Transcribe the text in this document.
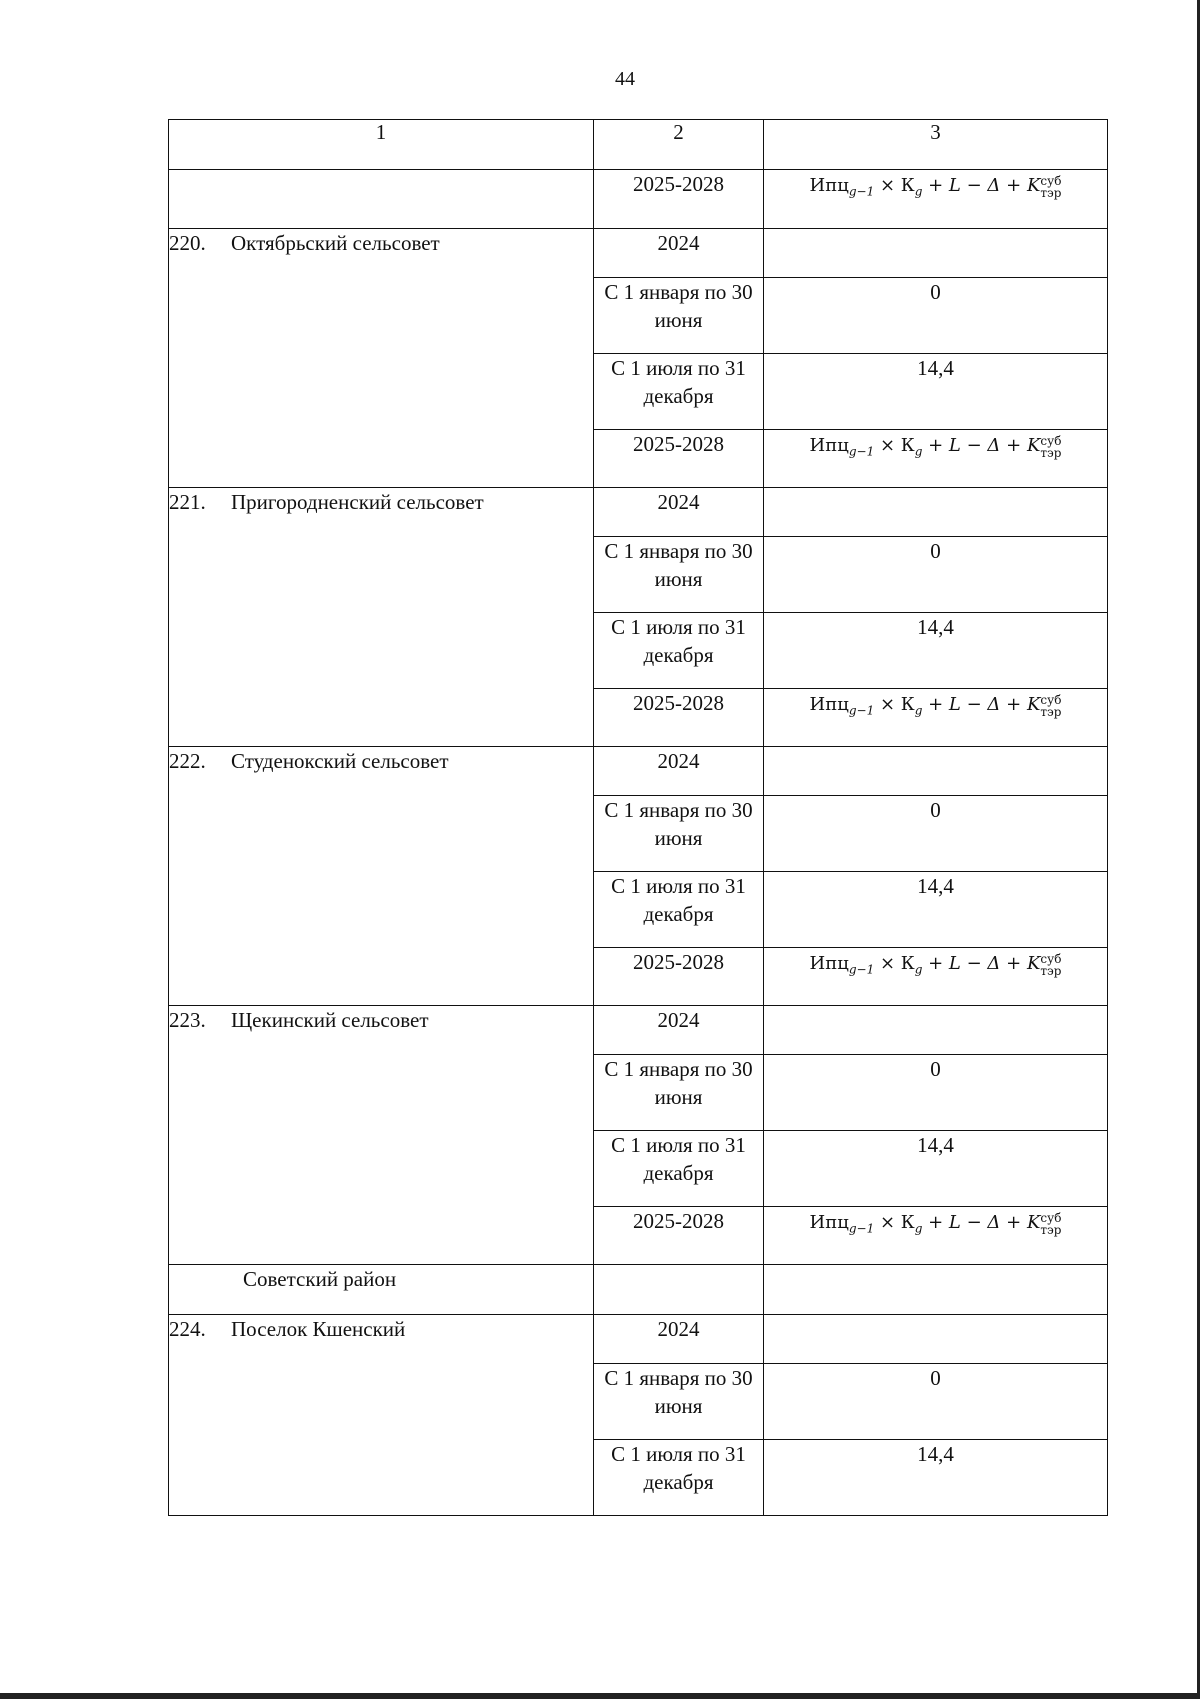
44
1	2	3
	2025-2028	$Ипц_{g-1} \times К_g + L - \Delta + K$ суб
тэр

220. Октябрьский сельсовет	2024	
	С 1 января по 30 июня	0
	С 1 июля по 31 декабря	14,4
	2025-2028	$Ипц_{g-1} \times К_g + L - \Delta + K$ суб
тэр

221. Пригородненский сельсовет	2024	
	С 1 января по 30 июня	0
	С 1 июля по 31 декабря	14,4
	2025-2028	$Ипц_{g-1} \times К_g + L - \Delta + K$ суб
тэр

222. Студенокский сельсовет	2024	
	С 1 января по 30 июня	0
	С 1 июля по 31 декабря	14,4
	2025-2028	$Ипц_{g-1} \times К_g + L - \Delta + K$ суб
тэр

223. Щекинский сельсовет	2024	
	С 1 января по 30 июня	0
	С 1 июля по 31 декабря	14,4
	2025-2028	$Ипц_{g-1} \times К_g + L - \Delta + K$ суб
тэр

Советский район		
224. Поселок Кшенский	2024	
	С 1 января по 30 июня	0
	С 1 июля по 31 декабря	14,4
